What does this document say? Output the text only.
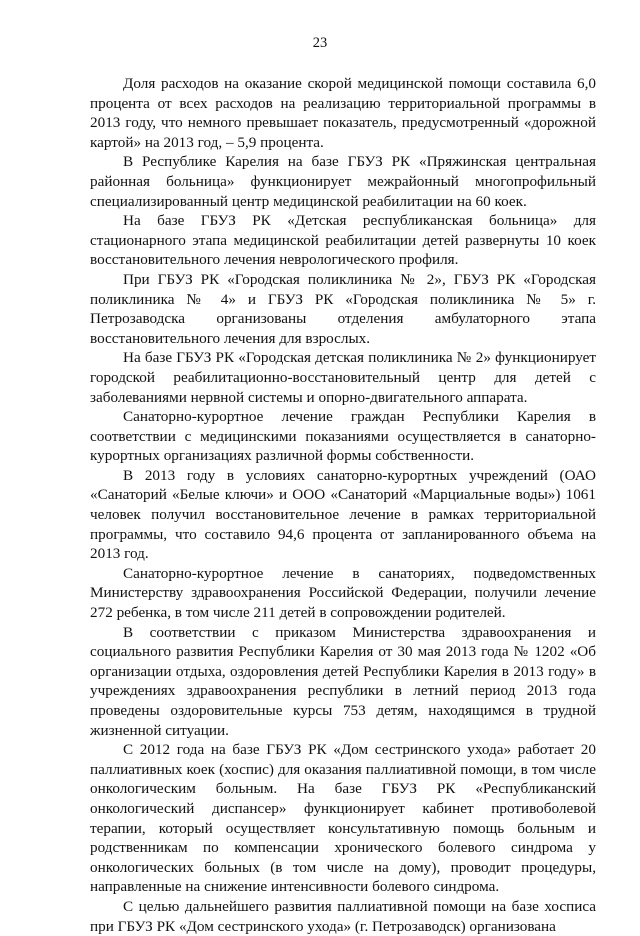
23

Доля расходов на оказание скорой медицинской помощи составила 6,0 процента от всех расходов на реализацию территориальной программы в 2013 году, что немного превышает показатель, предусмотренный «дорожной картой» на 2013 год, – 5,9 процента.

В Республике Карелия на базе ГБУЗ РК «Пряжинская центральная районная больница» функционирует межрайонный многопрофильный специализированный центр медицинской реабилитации на 60 коек.

На базе ГБУЗ РК «Детская республиканская больница» для стационарного этапа медицинской реабилитации детей развернуты 10 коек восстановительного лечения неврологического профиля.

При ГБУЗ РК «Городская поликлиника № 2», ГБУЗ РК «Городская поликлиника № 4» и ГБУЗ РК «Городская поликлиника № 5» г. Петрозаводска организованы отделения амбулаторного этапа восстановительного лечения для взрослых.

На базе ГБУЗ РК «Городская детская поликлиника № 2» функционирует городской реабилитационно-восстановительный центр для детей с заболеваниями нервной системы и опорно-двигательного аппарата.

Санаторно-курортное лечение граждан Республики Карелия в соответствии с медицинскими показаниями осуществляется в санаторно-курортных организациях различной формы собственности.

В 2013 году в условиях санаторно-курортных учреждений (ОАО «Санаторий «Белые ключи» и ООО «Санаторий «Марциальные воды») 1061 человек получил восстановительное лечение в рамках территориальной программы, что составило 94,6 процента от запланированного объема на 2013 год.

Санаторно-курортное лечение в санаториях, подведомственных Министерству здравоохранения Российской Федерации, получили лечение 272 ребенка, в том числе 211 детей в сопровождении родителей.

В соответствии с приказом Министерства здравоохранения и социального развития Республики Карелия от 30 мая 2013 года № 1202 «Об организации отдыха, оздоровления детей Республики Карелия в 2013 году» в учреждениях здравоохранения республики в летний период 2013 года проведены оздоровительные курсы 753 детям, находящимся в трудной жизненной ситуации.

С 2012 года на базе ГБУЗ РК «Дом сестринского ухода» работает 20 паллиативных коек (хоспис) для оказания паллиативной помощи, в том числе онкологическим больным. На базе ГБУЗ РК «Республиканский онкологический диспансер» функционирует кабинет противоболевой терапии, который осуществляет консультативную помощь больным и родственникам по компенсации хронического болевого синдрома у онкологических больных (в том числе на дому), проводит процедуры, направленные на снижение интенсивности болевого синдрома.

С целью дальнейшего развития паллиативной помощи на базе хосписа при ГБУЗ РК «Дом сестринского ухода» (г. Петрозаводск) организована
